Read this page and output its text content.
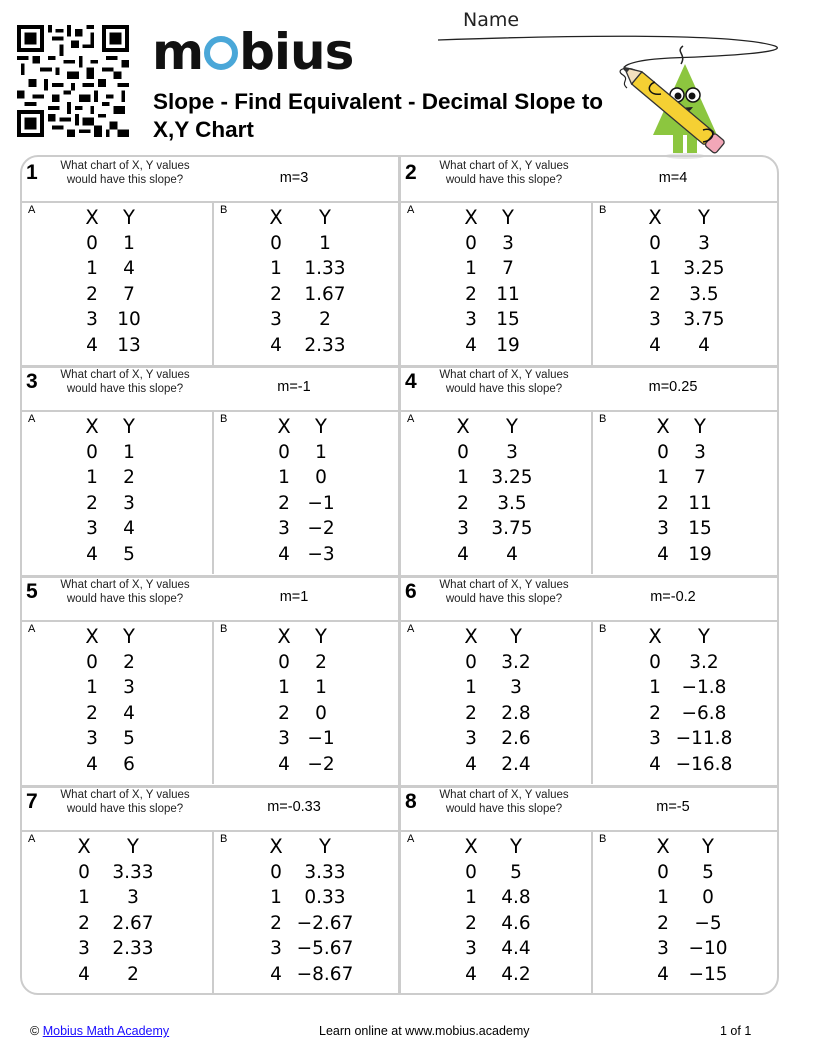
m bius
Slope - Find Equivalent - Decimal Slope to X,Y Chart
Name
1 What chart of X, Y values would have this slope?	m=3
A	X	Y
0	1
1	4
2	7
3	10
4	13
B X	Y
0	1
1	1.33
2	1.67
3	2
4	2.33
2 What chart of X, Y values would have this slope?	m=4
A	X	Y
0	3
1	7
2	11
3	15
4	19
B X	Y
0	3
1	3.25
2	3.5
3	3.75
4	4
3 What chart of X, Y values would have this slope?	m=-1
A	X	Y
0	1
1	2
2	3
3	4
4	5
B	X	Y
0	1
1	0
2 −1
3 −2
4 −3
4 What chart of X, Y values would have this slope?	m=0.25
A X	Y
0	3
1	3.25
2	3.5
3	3.75
4	4
B	X	Y
0	3
1	7
2	11
3	15
4	19
5 What chart of X, Y values would have this slope?	m=1
A	X	Y
0	2
1	3
2	4
3	5
4	6
B	X	Y
0	2
1	1
2	0
3 −1
4 −2
6 What chart of X, Y values would have this slope?	m=-0.2
A	X	Y
0	3.2
1	3
2	2.8
3	2.6
4	2.4
B X	Y
0	3.2
1	−1.8
2	−6.8
3 −11.8
4 −16.8
7 What chart of X, Y values would have this slope?	m=-0.33
A X	Y
0	3.33
1	3
2	2.67
3	2.33
4	2
B X	Y
0	3.33
1	0.33
2 −2.67
3 −5.67
4 −8.67
8 What chart of X, Y values would have this slope?	m=-5
A	X	Y
0	5
1	4.8
2	4.6
3	4.4
4	4.2
B	X	Y
0	5
1	0
2	−5
3	−10
4	−15
© Mobius Math Academy	Learn online at www.mobius.academy	1 of 1
